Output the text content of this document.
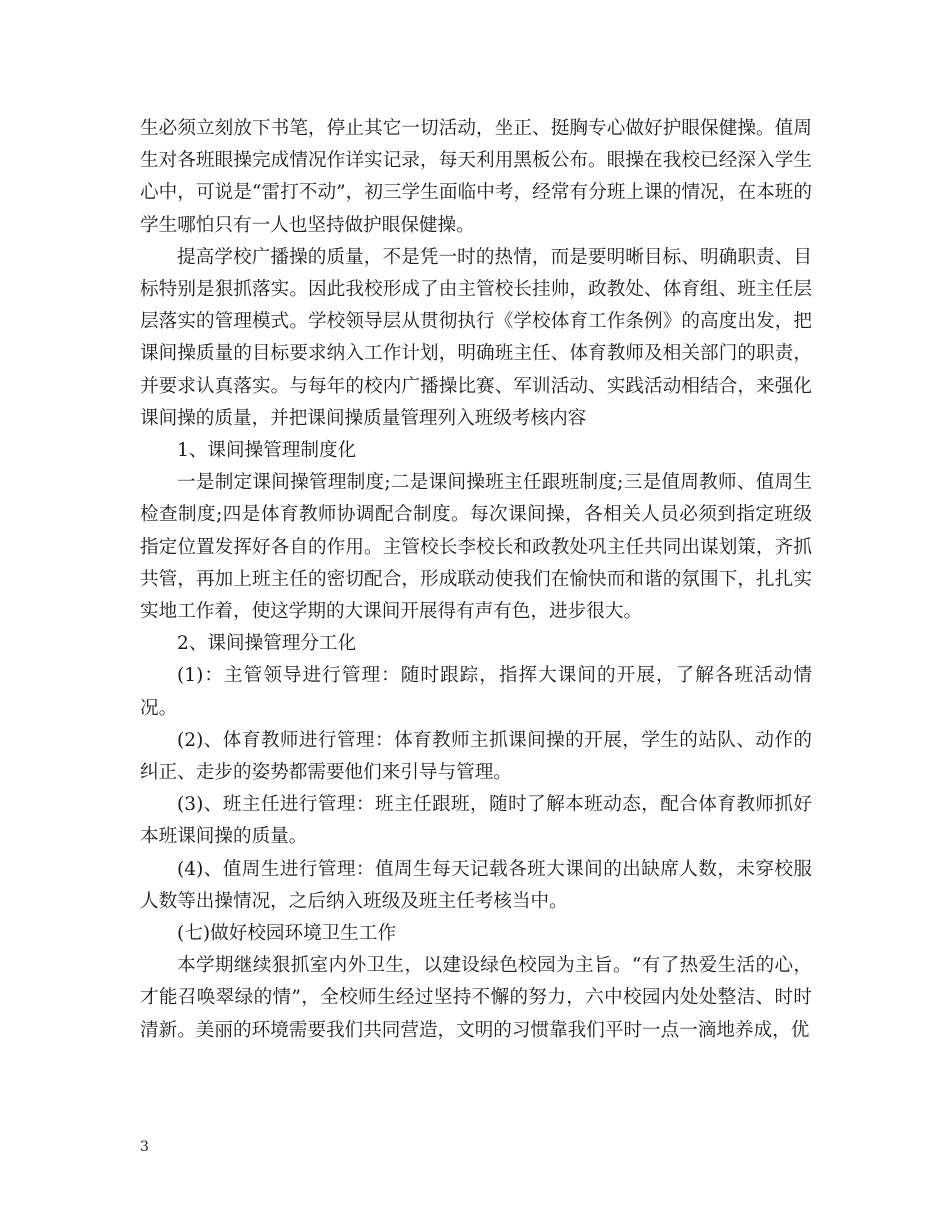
生必须立刻放下书笔，停止其它一切活动，坐正、挺胸专心做好护眼保健操。值周生对各班眼操完成情况作详实记录，每天利用黑板公布。眼操在我校已经深入学生心中，可说是“雷打不动”，初三学生面临中考，经常有分班上课的情况，在本班的学生哪怕只有一人也坚持做护眼保健操。

提高学校广播操的质量，不是凭一时的热情，而是要明晰目标、明确职责、目标特别是狠抓落实。因此我校形成了由主管校长挂帅，政教处、体育组、班主任层层落实的管理模式。学校领导层从贯彻执行《学校体育工作条例》的高度出发，把课间操质量的目标要求纳入工作计划，明确班主任、体育教师及相关部门的职责，并要求认真落实。与每年的校内广播操比赛、军训活动、实践活动相结合，来强化课间操的质量，并把课间操质量管理列入班级考核内容

1、课间操管理制度化

一是制定课间操管理制度;二是课间操班主任跟班制度;三是值周教师、值周生检查制度;四是体育教师协调配合制度。每次课间操，各相关人员必须到指定班级指定位置发挥好各自的作用。主管校长李校长和政教处巩主任共同出谋划策，齐抓共管，再加上班主任的密切配合，形成联动使我们在愉快而和谐的氛围下，扎扎实实地工作着，使这学期的大课间开展得有声有色，进步很大。

2、课间操管理分工化

(1)：主管领导进行管理：随时跟踪，指挥大课间的开展，了解各班活动情况。

(2)、体育教师进行管理：体育教师主抓课间操的开展，学生的站队、动作的纠正、走步的姿势都需要他们来引导与管理。

(3)、班主任进行管理：班主任跟班，随时了解本班动态，配合体育教师抓好本班课间操的质量。

(4)、值周生进行管理：值周生每天记载各班大课间的出缺席人数，未穿校服人数等出操情况，之后纳入班级及班主任考核当中。

(七)做好校园环境卫生工作

本学期继续狠抓室内外卫生，以建设绿色校园为主旨。“有了热爱生活的心，才能召唤翠绿的情”，全校师生经过坚持不懈的努力，六中校园内处处整洁、时时清新。美丽的环境需要我们共同营造，文明的习惯靠我们平时一点一滴地养成，优

3
